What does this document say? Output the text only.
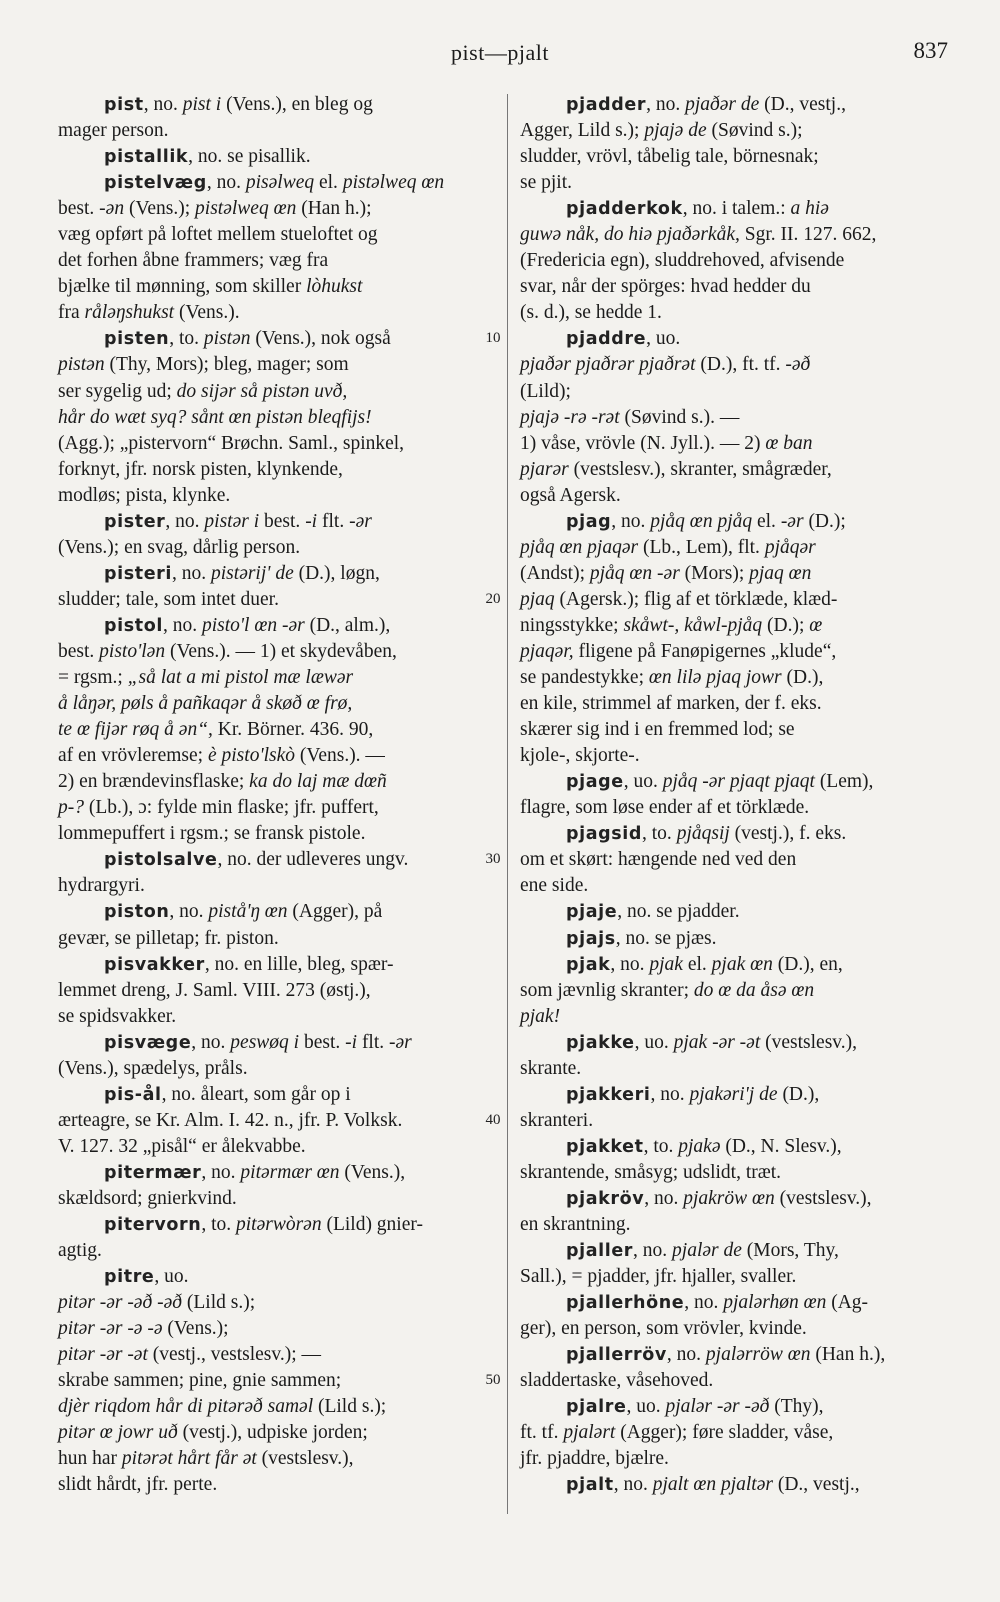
pist—pjalt	837
pist, no. pist i (Vens.), en bleg og
mager person.
pistallik, no. se pisallik.
pistelvæg, no. pisəlweq el. pistəlweq œn
best. -ən (Vens.); pistəlweq œn (Han h.);
væg opført på loftet mellem stueloftet og
det forhen åbne frammers; væg fra
bjælke til mønning, som skiller lòhukst
fra råləŋshukst (Vens.).
pisten, to. pistən (Vens.), nok også
pistən (Thy, Mors); bleg, mager; som
ser sygelig ud; do sijər så pistən uvð,
hår do wæt syq? sånt œn pistən bleqfijs!
(Agg.); „pistervorn“ Brøchn. Saml., spinkel,
forknyt, jfr. norsk pisten, klynkende,
modløs; pista, klynke.
pister, no. pistər i best. -i flt. -ər
(Vens.); en svag, dårlig person.
pisteri, no. pistərij' de (D.), løgn,
sludder; tale, som intet duer.
pistol, no. pisto'l œn -ər (D., alm.),
best. pisto'lən (Vens.). — 1) et skydevåben,
= rgsm.; „så lat a mi pistol mæ læwər
å låŋər, pøls å pañkaqər å skøð œ frø,
te œ fijər røq å ən“, Kr. Börner. 436. 90,
af en vrövleremse; è pisto'lskò (Vens.). —
2) en brændevinsflaske; ka do laj mæ dœñ
p-? (Lb.), ɔ: fylde min flaske; jfr. puffert,
lommepuffert i rgsm.; se fransk pistole.
pistolsalve, no. der udleveres ungv.
hydrargyri.
piston, no. pistå'ŋ œn (Agger), på
gevær, se pilletap; fr. piston.
pisvakker, no. en lille, bleg, spær-
lemmet dreng, J. Saml. VIII. 273 (østj.),
se spidsvakker.
pisvæge, no. peswøq i best. -i flt. -ər
(Vens.), spædelys, pråls.
pis-ål, no. åleart, som går op i
ærteagre, se Kr. Alm. I. 42. n., jfr. P. Volksk.
V. 127. 32 „pisål“ er ålekvabbe.
pitermær, no. pitərmær œn (Vens.),
skældsord; gnierkvind.
pitervorn, to. pitərwòrən (Lild) gnier-
agtig.
pitre, uo.
pitər -ər -əð -əð (Lild s.);
pitər -ər -ə -ə (Vens.);
pitər -ər -ət (vestj., vestslesv.); —
skrabe sammen; pine, gnie sammen;
djèr riqdom hår di pitərəð saməl (Lild s.);
pitər œ jowr uð (vestj.), udpiske jorden;
hun har pitərət hårt får ət (vestslesv.),
slidt hårdt, jfr. perte.
pjadder, no. pjaðər de (D., vestj.,
Agger, Lild s.); pjajə de (Søvind s.);
sludder, vrövl, tåbelig tale, börnesnak;
se pjit.
pjadderkok, no. i talem.: a hiə
guwə nåk, do hiə pjaðərkåk, Sgr. II. 127. 662,
(Fredericia egn), sluddrehoved, afvisende
svar, når der spörges: hvad hedder du
(s. d.), se hedde 1.
pjaddre, uo.
pjaðər pjaðrər pjaðrət (D.), ft. tf. -əð
(Lild);
pjajə -rə -rət (Søvind s.). —
1) våse, vrövle (N. Jyll.). — 2) œ ban
pjarər (vestslesv.), skranter, smågræder,
også Agersk.
pjag, no. pjåq œn pjåq el. -ər (D.);
pjåq œn pjaqər (Lb., Lem), flt. pjåqər
(Andst); pjåq œn -ər (Mors); pjaq œn
pjaq (Agersk.); flig af et törklæde, klæd-
ningsstykke; skåwt-, kåwl-pjåq (D.); œ
pjaqər, fligene på Fanøpigernes „klude“,
se pandestykke; œn lilə pjaq jowr (D.),
en kile, strimmel af marken, der f. eks.
skærer sig ind i en fremmed lod; se
kjole-, skjorte-.
pjage, uo. pjåq -ər pjaqt pjaqt (Lem),
flagre, som løse ender af et törklæde.
pjagsid, to. pjåqsij (vestj.), f. eks.
om et skørt: hængende ned ved den
ene side.
pjaje, no. se pjadder.
pjajs, no. se pjæs.
pjak, no. pjak el. pjak œn (D.), en,
som jævnlig skranter; do œ da åsə œn
pjak!
pjakke, uo. pjak -ər -ət (vestslesv.),
skrante.
pjakkeri, no. pjakəri'j de (D.),
skranteri.
pjakket, to. pjakə (D., N. Slesv.),
skrantende, småsyg; udslidt, træt.
pjakröv, no. pjakröw œn (vestslesv.),
en skrantning.
pjaller, no. pjalər de (Mors, Thy,
Sall.), = pjadder, jfr. hjaller, svaller.
pjallerhöne, no. pjalərhøn œn (Ag-
ger), en person, som vrövler, kvinde.
pjallerröv, no. pjalərröw œn (Han h.),
sladdertaske, våsehoved.
pjalre, uo. pjalər -ər -əð (Thy),
ft. tf. pjalərt (Agger); føre sladder, våse,
jfr. pjaddre, bjælre.
pjalt, no. pjalt œn pjaltər (D., vestj.,
10
20
30
40
50
